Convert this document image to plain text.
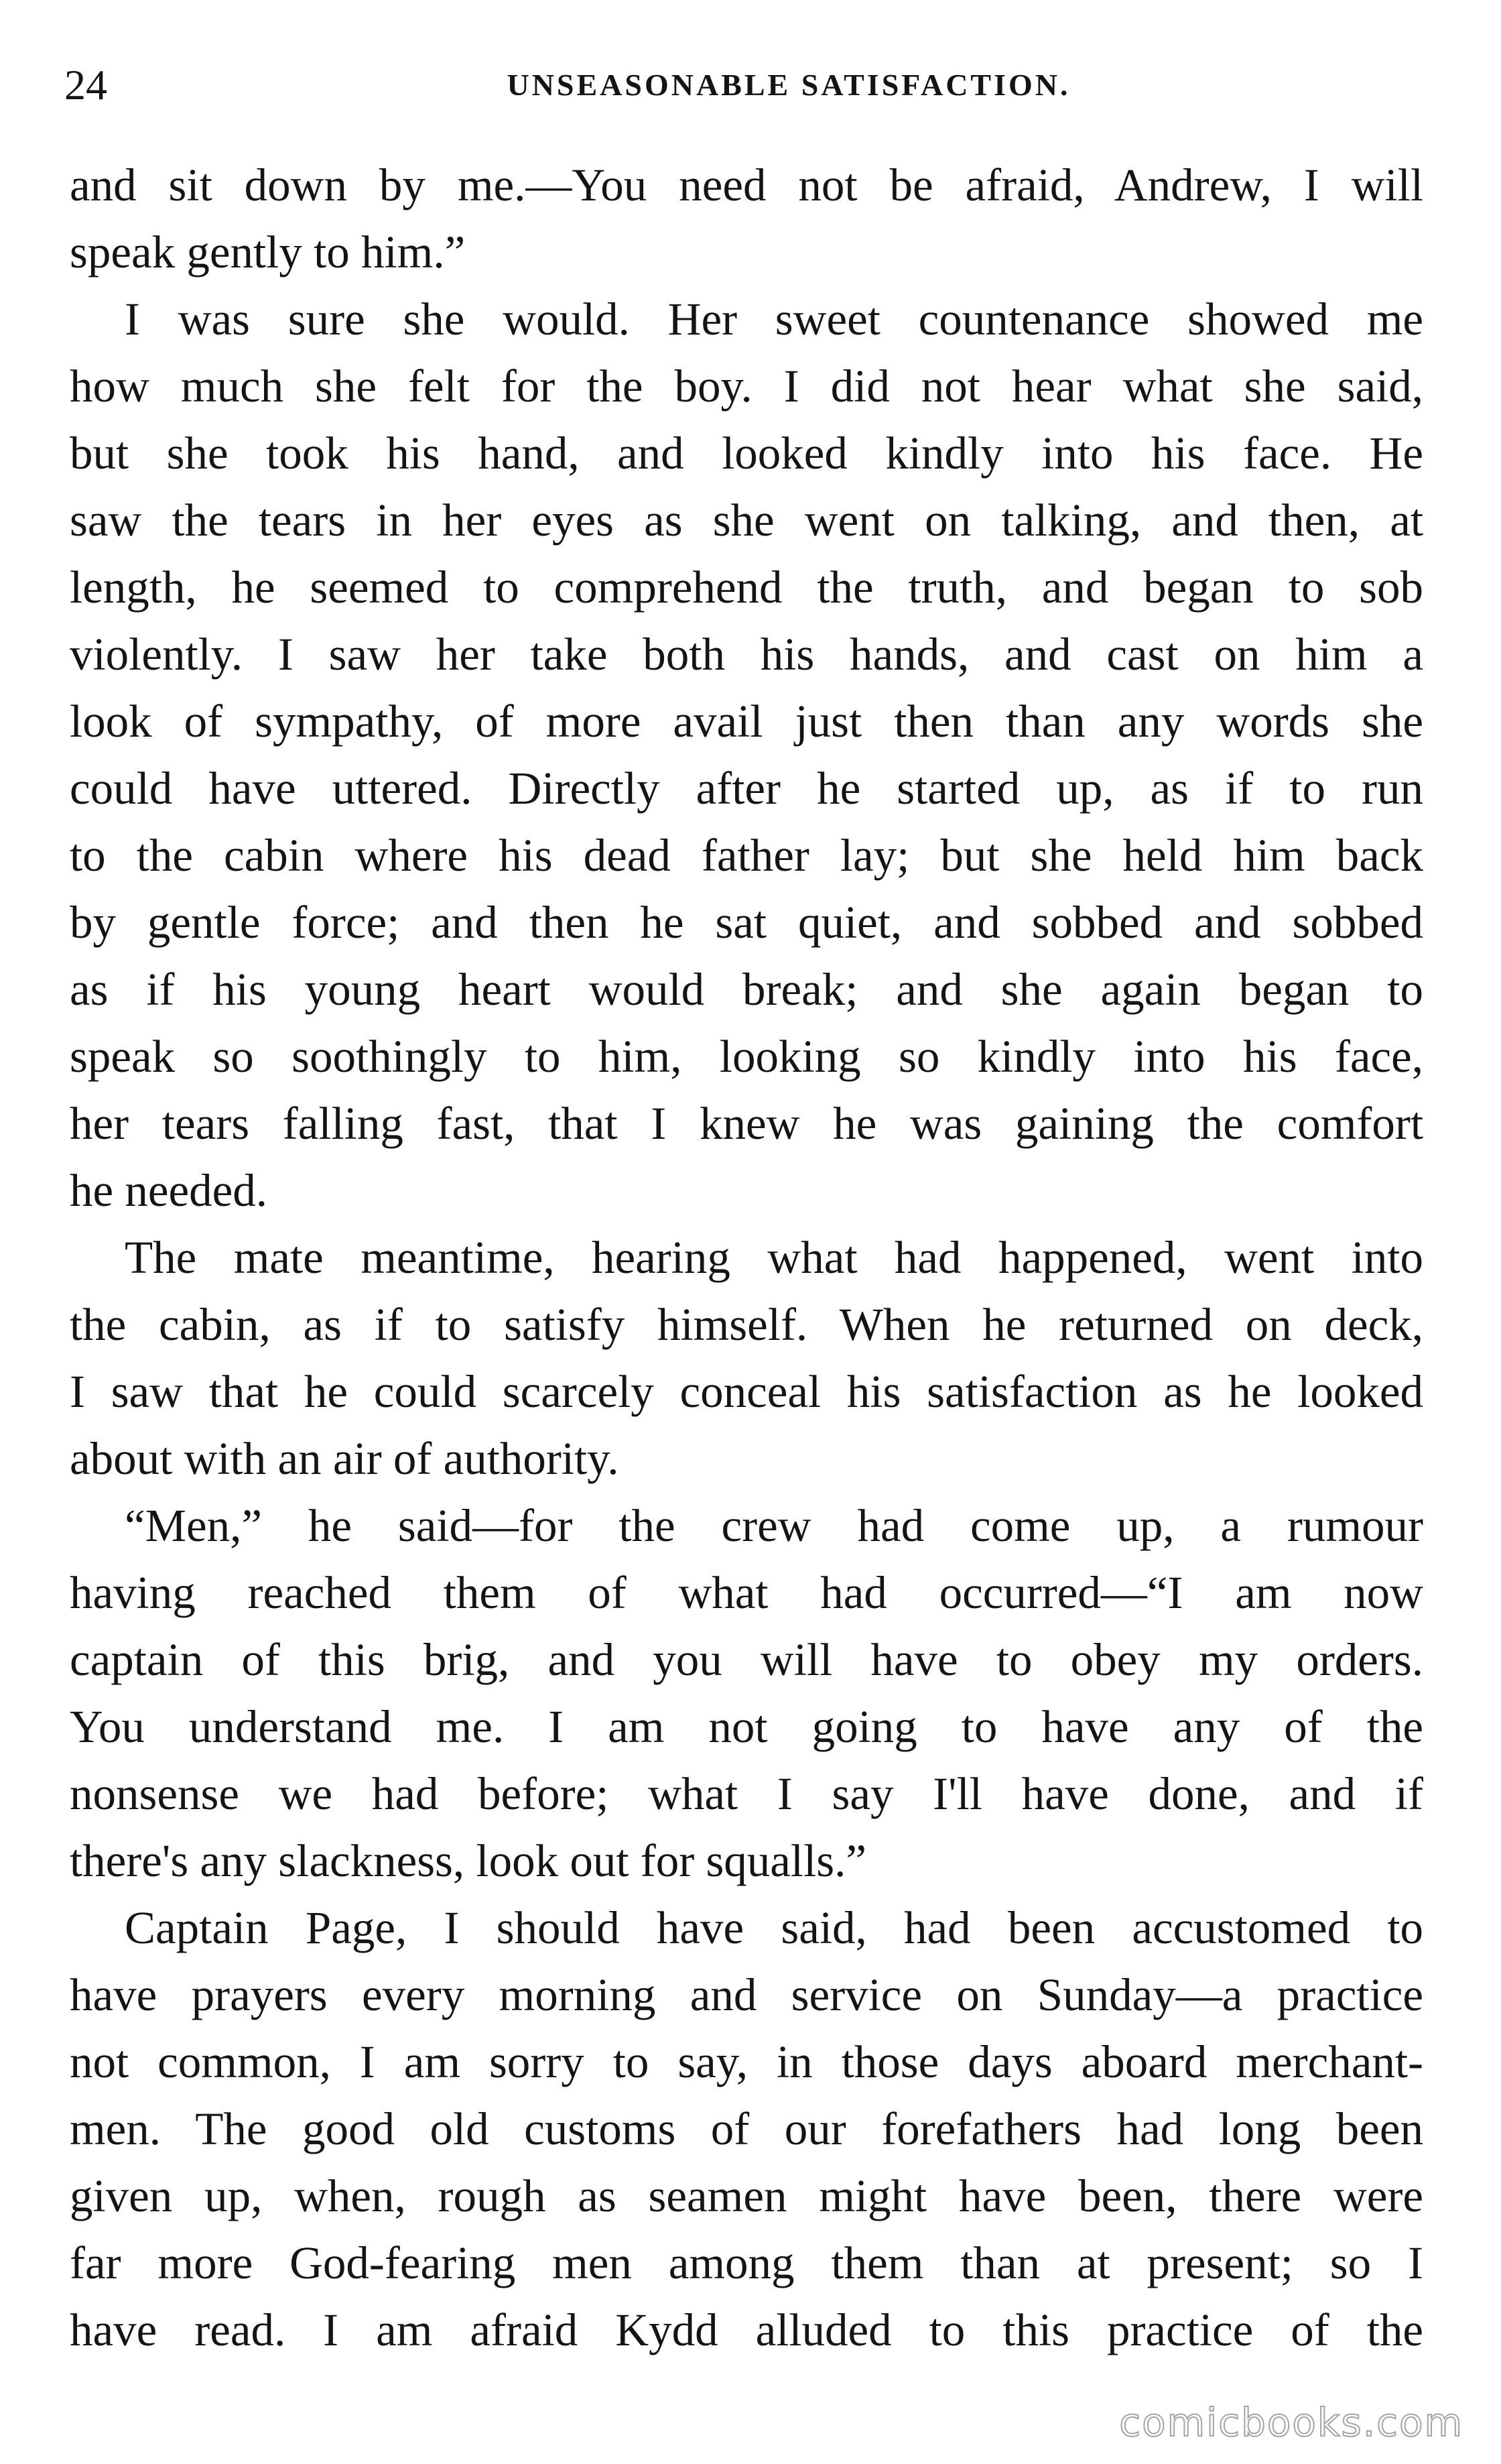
24	UNSEASONABLE SATISFACTION.
and sit down by me.—You need not be afraid, Andrew, I will
speak gently to him.”
I was sure she would. Her sweet countenance showed me
how much she felt for the boy. I did not hear what she said,
but she took his hand, and looked kindly into his face. He
saw the tears in her eyes as she went on talking, and then, at
length, he seemed to comprehend the truth, and began to sob
violently. I saw her take both his hands, and cast on him a
look of sympathy, of more avail just then than any words she
could have uttered. Directly after he started up, as if to run
to the cabin where his dead father lay; but she held him back
by gentle force; and then he sat quiet, and sobbed and sobbed
as if his young heart would break; and she again began to
speak so soothingly to him, looking so kindly into his face,
her tears falling fast, that I knew he was gaining the comfort
he needed.
The mate meantime, hearing what had happened, went into
the cabin, as if to satisfy himself. When he returned on deck,
I saw that he could scarcely conceal his satisfaction as he looked
about with an air of authority.
“Men,” he said—for the crew had come up, a rumour
having reached them of what had occurred—“I am now
captain of this brig, and you will have to obey my orders.
You understand me. I am not going to have any of the
nonsense we had before; what I say I'll have done, and if
there's any slackness, look out for squalls.”
Captain Page, I should have said, had been accustomed to
have prayers every morning and service on Sunday—a practice
not common, I am sorry to say, in those days aboard merchant-
men. The good old customs of our forefathers had long been
given up, when, rough as seamen might have been, there were
far more God-fearing men among them than at present; so I
have read. I am afraid Kydd alluded to this practice of the
comicbooks.com
